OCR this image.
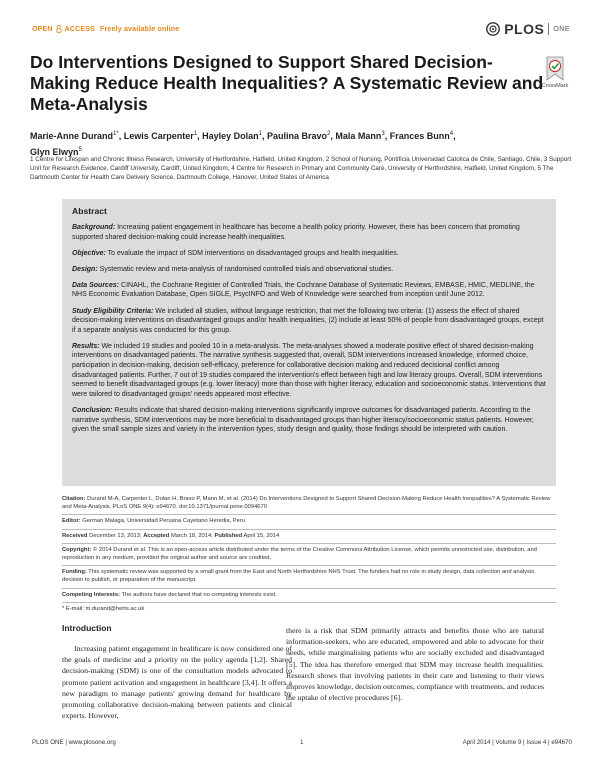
OPEN ACCESS Freely available online	PLOS ONE
Do Interventions Designed to Support Shared Decision-Making Reduce Health Inequalities? A Systematic Review and Meta-Analysis
CrossMark

Marie-Anne Durand$^{1*}$, Lewis Carpenter$^1$, Hayley Dolan$^1$, Paulina Bravo$^2$, Mala Mann$^3$, Frances Bunn$^4$,
Glyn Elwyn$^5$

1 Centre for Lifespan and Chronic Illness Research, University of Hertfordshire, Hatfield, United Kingdom, 2 School of Nursing, Pontificia Universidad Catolica de Chile, Santiago, Chile, 3 Support Unit for Research Evidence, Cardiff University, Cardiff, United Kingdom, 4 Centre for Research in Primary and Community Care, University of Hertfordshire, Hatfield, United Kingdom, 5 The Dartmouth Center for Health Care Delivery Science, Dartmouth College, Hanover, United States of America

Abstract

Background: Increasing patient engagement in healthcare has become a health policy priority. However, there has been concern that promoting supported shared decision-making could increase health inequalities.

Objective: To evaluate the impact of SDM interventions on disadvantaged groups and health inequalities.

Design: Systematic review and meta-analysis of randomised controlled trials and observational studies.

Data Sources: CINAHL, the Cochrane Register of Controlled Trials, the Cochrane Database of Systematic Reviews, EMBASE, HMIC, MEDLINE, the NHS Economic Evaluation Database, Open SIGLE, PsycINFO and Web of Knowledge were searched from inception until June 2012.

Study Eligibility Criteria: We included all studies, without language restriction, that met the following two criteria: (1) assess the effect of shared decision-making interventions on disadvantaged groups and/or health inequalities, (2) include at least 50% of people from disadvantaged groups, except if a separate analysis was conducted for this group.

Results: We included 19 studies and pooled 10 in a meta-analysis. The meta-analyses showed a moderate positive effect of shared decision-making interventions on disadvantaged patients. The narrative synthesis suggested that, overall, SDM interventions increased knowledge, informed choice, participation in decision-making, decision self-efficacy, preference for collaborative decision making and reduced decisional conflict among disadvantaged patients. Further, 7 out of 19 studies compared the intervention's effect between high and low literacy groups. Overall, SDM interventions seemed to benefit disadvantaged groups (e.g. lower literacy) more than those with higher literacy, education and socioeconomic status. Interventions that were tailored to disadvantaged groups' needs appeared most effective.

Conclusion: Results indicate that shared decision-making interventions significantly improve outcomes for disadvantaged patients. According to the narrative synthesis, SDM interventions may be more beneficial to disadvantaged groups than higher literacy/socioeconomic status patients. However, given the small sample sizes and variety in the intervention types, study design and quality, those findings should be interpreted with caution.

Citation: Durand M-A, Carpenter L, Dolan H, Bravo P, Mann M, et al. (2014) Do Interventions Designed to Support Shared Decision-Making Reduce Health Inequalities? A Systematic Review and Meta-Analysis. PLoS ONE 9(4): e94670. doi:10.1371/journal.pone.0094670
Editor: German Malaga, Universidad Peruana Cayetano Heredia, Peru
Received December 13, 2013; Accepted March 18, 2014; Published April 15, 2014
Copyright: © 2014 Durand et al. This is an open-access article distributed under the terms of the Creative Commons Attribution License, which permits unrestricted use, distribution, and reproduction in any medium, provided the original author and source are credited.
Funding: This systematic review was supported by a small grant from the East and North Hertfordshire NHS Trust. The funders had no role in study design, data collection and analysis, decision to publish, or preparation of the manuscript.
Competing Interests: The authors have declared that no competing interests exist.
* E-mail: m.durand@herts.ac.uk
Introduction

Increasing patient engagement in healthcare is now considered one of the goals of medicine and a priority on the policy agenda [1,2]. Shared decision-making (SDM) is one of the consultation models advocated to promote patient activation and engagement in healthcare [3,4]. It offers a new paradigm to manage patients' growing demand for healthcare by promoting collaborative decision-making between patients and clinical experts. However,

there is a risk that SDM primarily attracts and benefits those who are natural information-seekers, who are educated, empowered and able to advocate for their needs, while marginalising patients who are socially excluded and disadvantaged [5]. The idea has therefore emerged that SDM may increase health inequalities. Research shows that involving patients in their care and listening to their views improves knowledge, decision outcomes, compliance with treatments, and reduces the uptake of elective procedures [6].

PLOS ONE | www.plosone.org	1	April 2014 | Volume 9 | Issue 4 | e94670
